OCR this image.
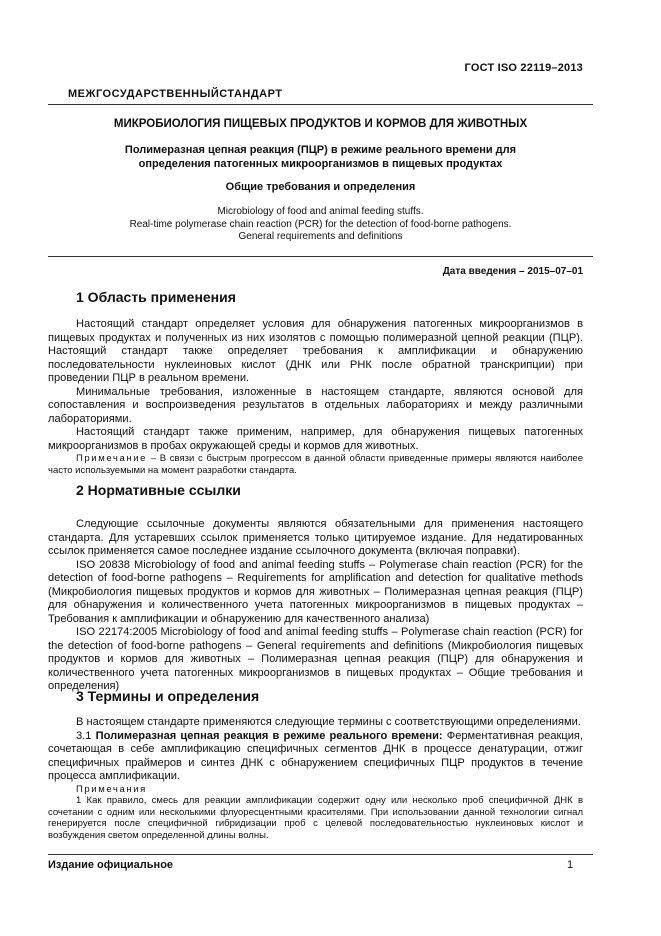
ГОСТ ISO 22119–2013
МЕЖГОСУДАРСТВЕННЫЙСТАНДАРТ
МИКРОБИОЛОГИЯ ПИЩЕВЫХ ПРОДУКТОВ И КОРМОВ ДЛЯ ЖИВОТНЫХ
Полимеразная цепная реакция (ПЦР) в режиме реального времени для
определения патогенных микроорганизмов в пищевых продуктах
Общие требования и определения
Microbiology of food and animal feeding stuffs.
Real-time polymerase chain reaction (PCR) for the detection of food-borne pathogens.
General requirements and definitions
Дата введения – 2015–07–01
1 Область применения

Настоящий стандарт определяет условия для обнаружения патогенных микроорганизмов в пищевых продуктах и полученных из них изолятов с помощью полимеразной цепной реакции (ПЦР). Настоящий стандарт также определяет требования к амплификации и обнаружению последовательности нуклеиновых кислот (ДНК или РНК после обратной транскрипции) при проведении ПЦР в реальном времени.

Минимальные требования, изложенные в настоящем стандарте, являются основой для сопоставления и воспроизведения результатов в отдельных лабораториях и между различными лабораториями.

Настоящий стандарт также применим, например, для обнаружения пищевых патогенных микроорганизмов в пробах окружающей среды и кормов для животных.

Примечание – В связи с быстрым прогрессом в данной области приведенные примеры являются наиболее часто используемыми на момент разработки стандарта.

2 Нормативные ссылки

Следующие ссылочные документы являются обязательными для применения настоящего стандарта. Для устаревших ссылок применяется только цитируемое издание. Для недатированных ссылок применяется самое последнее издание ссылочного документа (включая поправки).

ISO 20838 Microbiology of food and animal feeding stuffs – Polymerase chain reaction (PCR) for the detection of food-borne pathogens – Requirements for amplification and detection for qualitative methods (Микробиология пищевых продуктов и кормов для животных – Полимеразная цепная реакция (ПЦР) для обнаружения и количественного учета патогенных микроорганизмов в пищевых продуктах – Требования к амплификации и обнаружению для качественного анализа)

ISO 22174:2005 Microbiology of food and animal feeding stuffs – Polymerase chain reaction (PCR) for the detection of food-borne pathogens – General requirements and definitions (Микробиология пищевых продуктов и кормов для животных – Полимеразная цепная реакция (ПЦР) для обнаружения и количественного учета патогенных микроорганизмов в пищевых продуктах – Общие требования и определения)

3 Термины и определения

В настоящем стандарте применяются следующие термины с соответствующими определениями.

3.1 Полимеразная цепная реакция в режиме реального времени: Ферментативная реакция, сочетающая в себе амплификацию специфичных сегментов ДНК в процессе денатурации, отжиг специфичных праймеров и синтез ДНК с обнаружением специфичных ПЦР продуктов в течение процесса амплификации.

Примечания

1 Как правило, смесь для реакции амплификации содержит одну или несколько проб специфичной ДНК в сочетании с одним или несколькими флуоресцентными красителями. При использовании данной технологии сигнал генерируется после специфичной гибридизации проб с целевой последовательностью нуклеиновых кислот и возбуждения светом определенной длины волны.

Издание официальное	1
